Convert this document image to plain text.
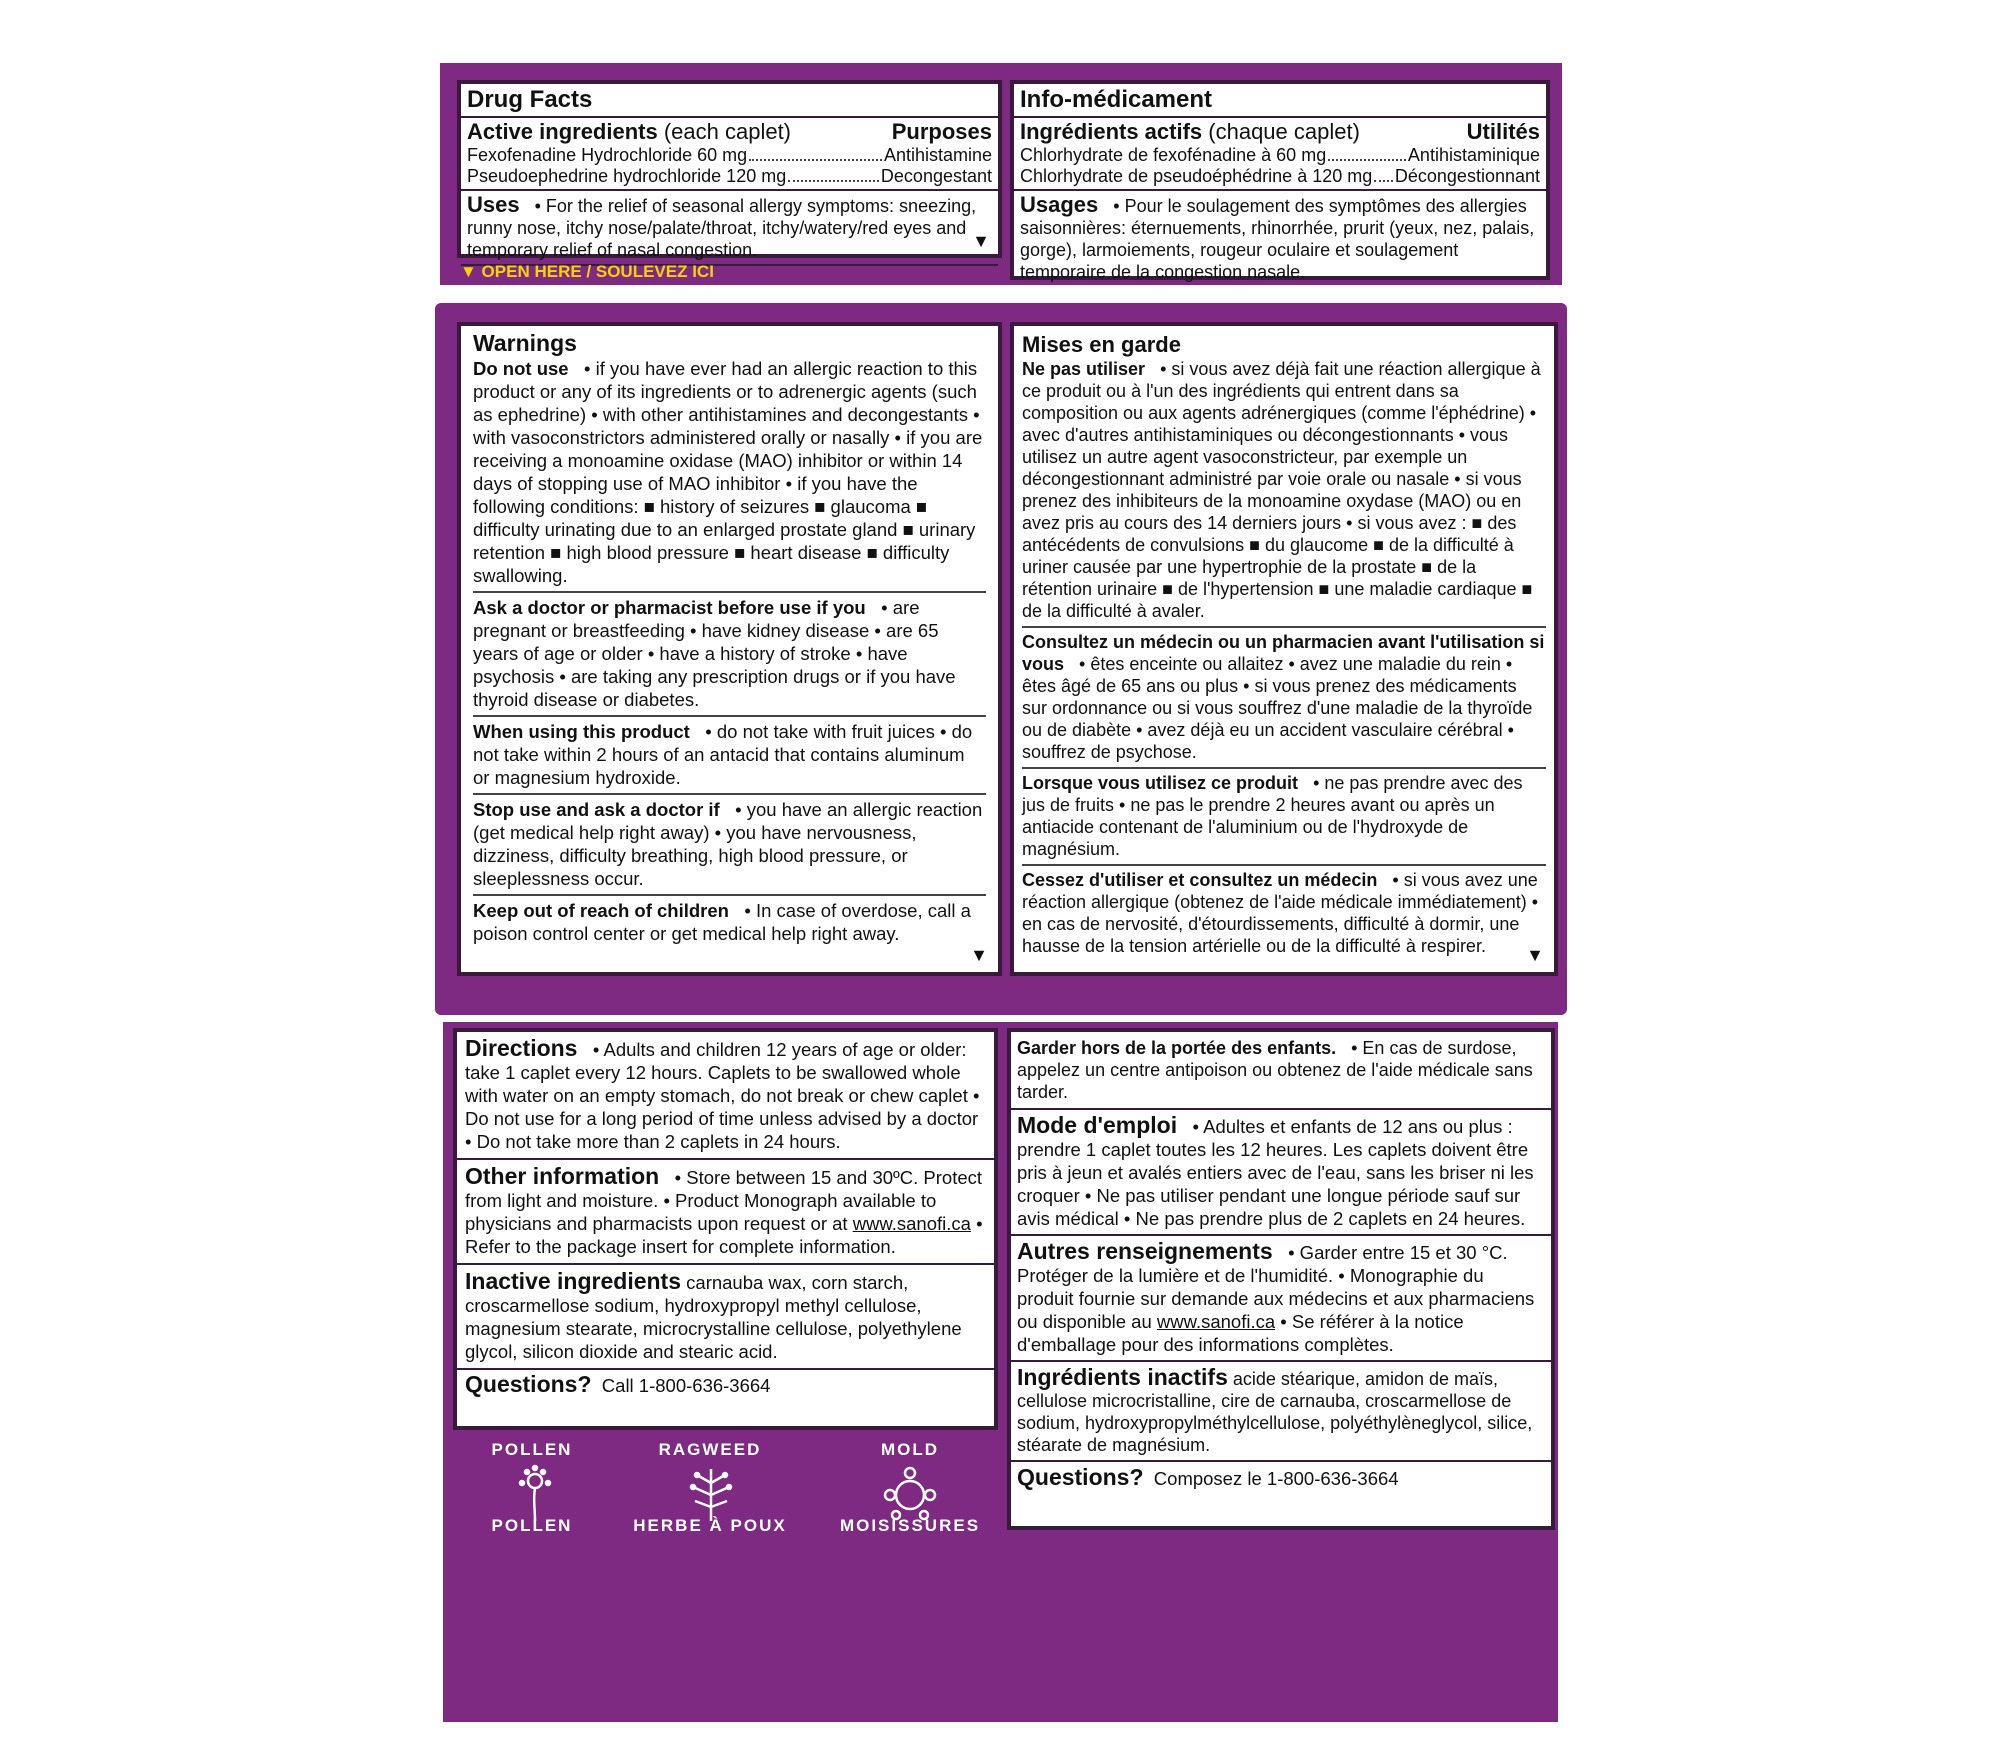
Drug Facts
Active ingredients (each caplet)	Purposes
Fexofenadine Hydrochloride 60 mg	Antihistamine
Pseudoephedrine hydrochloride 120 mg	Decongestant
Uses • For the relief of seasonal allergy symptoms: sneezing, runny nose, itchy nose/palate/throat, itchy/watery/red eyes and temporary relief of nasal congestion.	▼
▼ OPEN HERE / SOULEVEZ ICI
Info-médicament
Ingrédients actifs (chaque caplet)	Utilités
Chlorhydrate de fexofénadine à 60 mg	Antihistaminique
Chlorhydrate de pseudoéphédrine à 120 mg Décongestionnant
Usages • Pour le soulagement des symptômes des allergies saisonnières: éternuements, rhinorrhée, prurit (yeux, nez, palais, gorge), larmoiements, rougeur oculaire et soulagement temporaire de la congestion nasale.
Warnings
Do not use • if you have ever had an allergic reaction to this product or any of its ingredients or to adrenergic agents (such as ephedrine) • with other antihistamines and decongestants • with vasoconstrictors administered orally or nasally • if you are receiving a monoamine oxidase (MAO) inhibitor or within 14 days of stopping use of MAO inhibitor • if you have the following conditions: ■ history of seizures ■ glaucoma ■ difficulty urinating due to an enlarged prostate gland ■ urinary retention ■ high blood pressure ■ heart disease ■ difficulty swallowing.
Ask a doctor or pharmacist before use if you • are pregnant or breastfeeding • have kidney disease • are 65 years of age or older • have a history of stroke • have psychosis • are taking any prescription drugs or if you have thyroid disease or diabetes.
When using this product • do not take with fruit juices • do not take within 2 hours of an antacid that contains aluminum or magnesium hydroxide.
Stop use and ask a doctor if • you have an allergic reaction (get medical help right away) • you have nervousness, dizziness, difficulty breathing, high blood pressure, or sleeplessness occur.
Keep out of reach of children • In case of overdose, call a poison control center or get medical help right away.
▼
Mises en garde
Ne pas utiliser • si vous avez déjà fait une réaction allergique à ce produit ou à l'un des ingrédients qui entrent dans sa composition ou aux agents adrénergiques (comme l'éphédrine) • avec d'autres antihistaminiques ou décongestionnants • vous utilisez un autre agent vasoconstricteur, par exemple un décongestionnant administré par voie orale ou nasale • si vous prenez des inhibiteurs de la monoamine oxydase (MAO) ou en avez pris au cours des 14 derniers jours • si vous avez : ■ des antécédents de convulsions ■ du glaucome ■ de la difficulté à uriner causée par une hypertrophie de la prostate ■ de la rétention urinaire ■ de l'hypertension ■ une maladie cardiaque ■ de la difficulté à avaler.
Consultez un médecin ou un pharmacien avant l'utilisation si vous • êtes enceinte ou allaitez • avez une maladie du rein • êtes âgé de 65 ans ou plus • si vous prenez des médicaments sur ordonnance ou si vous souffrez d'une maladie de la thyroïde ou de diabète • avez déjà eu un accident vasculaire cérébral • souffrez de psychose.
Lorsque vous utilisez ce produit • ne pas prendre avec des jus de fruits • ne pas le prendre 2 heures avant ou après un antiacide contenant de l'aluminium ou de l'hydroxyde de magnésium.
Cessez d'utiliser et consultez un médecin • si vous avez une réaction allergique (obtenez de l'aide médicale immédiatement) • en cas de nervosité, d'étourdissements, difficulté à dormir, une hausse de la tension artérielle ou de la difficulté à respirer.	▼
Directions • Adults and children 12 years of age or older: take 1 caplet every 12 hours. Caplets to be swallowed whole with water on an empty stomach, do not break or chew caplet • Do not use for a long period of time unless advised by a doctor • Do not take more than 2 caplets in 24 hours.
Other information • Store between 15 and 30ºC. Protect from light and moisture. • Product Monograph available to physicians and pharmacists upon request or at www.sanofi.ca • Refer to the package insert for complete information.
Inactive ingredients carnauba wax, corn starch, croscarmellose sodium, hydroxypropyl methyl cellulose, magnesium stearate, microcrystalline cellulose, polyethylene glycol, silicon dioxide and stearic acid.
Questions? Call 1-800-636-3664
Garder hors de la portée des enfants. • En cas de surdose, appelez un centre antipoison ou obtenez de l'aide médicale sans tarder.
Mode d'emploi • Adultes et enfants de 12 ans ou plus : prendre 1 caplet toutes les 12 heures. Les caplets doivent être pris à jeun et avalés entiers avec de l'eau, sans les briser ni les croquer • Ne pas utiliser pendant une longue période sauf sur avis médical • Ne pas prendre plus de 2 caplets en 24 heures.
Autres renseignements • Garder entre 15 et 30 °C. Protéger de la lumière et de l'humidité. • Monographie du produit fournie sur demande aux médecins et aux pharmaciens ou disponible au www.sanofi.ca • Se référer à la notice d'emballage pour des informations complètes.
Ingrédients inactifs acide stéarique, amidon de maïs, cellulose microcristalline, cire de carnauba, croscarmellose de sodium, hydroxypropylméthylcellulose, polyéthylèneglycol, silice, stéarate de magnésium.
Questions? Composez le 1-800-636-3664
POLLEN
POLLEN
RAGWEED
HERBE À POUX
MOLD
MOISISSURES
